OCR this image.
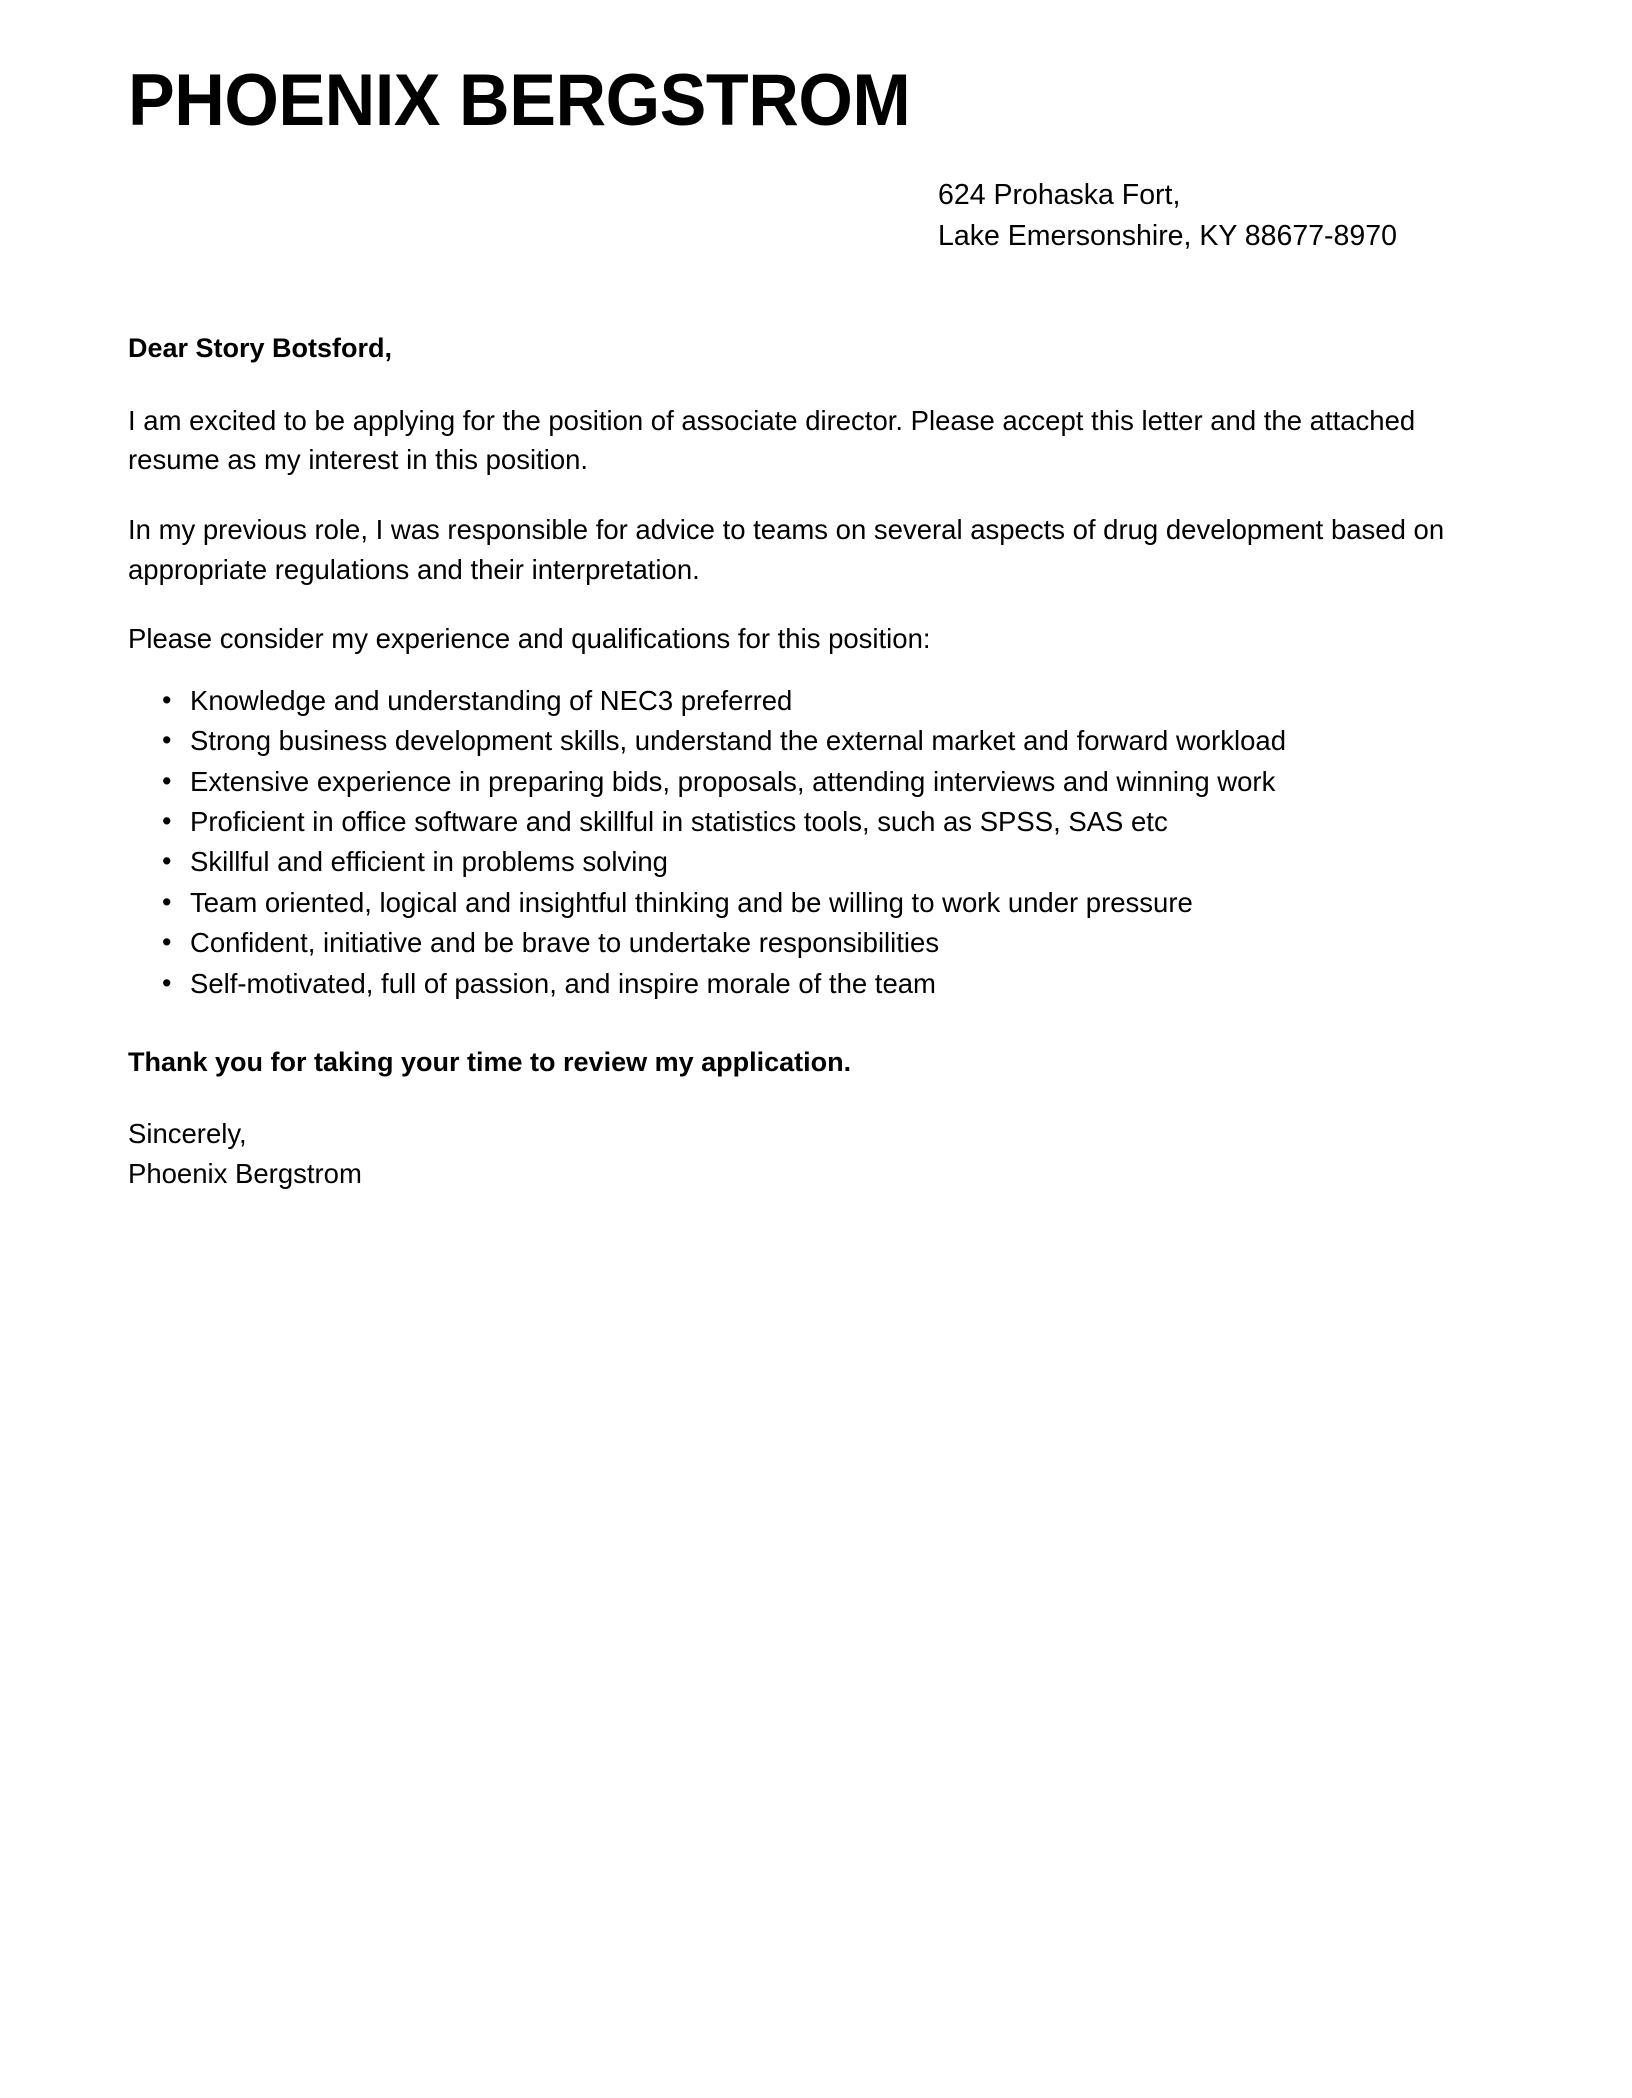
PHOENIX BERGSTROM
624 Prohaska Fort,
Lake Emersonshire, KY 88677-8970

Dear Story Botsford,

I am excited to be applying for the position of associate director. Please accept this letter and the attached resume as my interest in this position.

In my previous role, I was responsible for advice to teams on several aspects of drug development based on appropriate regulations and their interpretation.

Please consider my experience and qualifications for this position:

• Knowledge and understanding of NEC3 preferred
• Strong business development skills, understand the external market and forward workload
• Extensive experience in preparing bids, proposals, attending interviews and winning work
• Proficient in office software and skillful in statistics tools, such as SPSS, SAS etc
• Skillful and efficient in problems solving
• Team oriented, logical and insightful thinking and be willing to work under pressure
• Confident, initiative and be brave to undertake responsibilities
• Self-motivated, full of passion, and inspire morale of the team

Thank you for taking your time to review my application.

Sincerely,
Phoenix Bergstrom
